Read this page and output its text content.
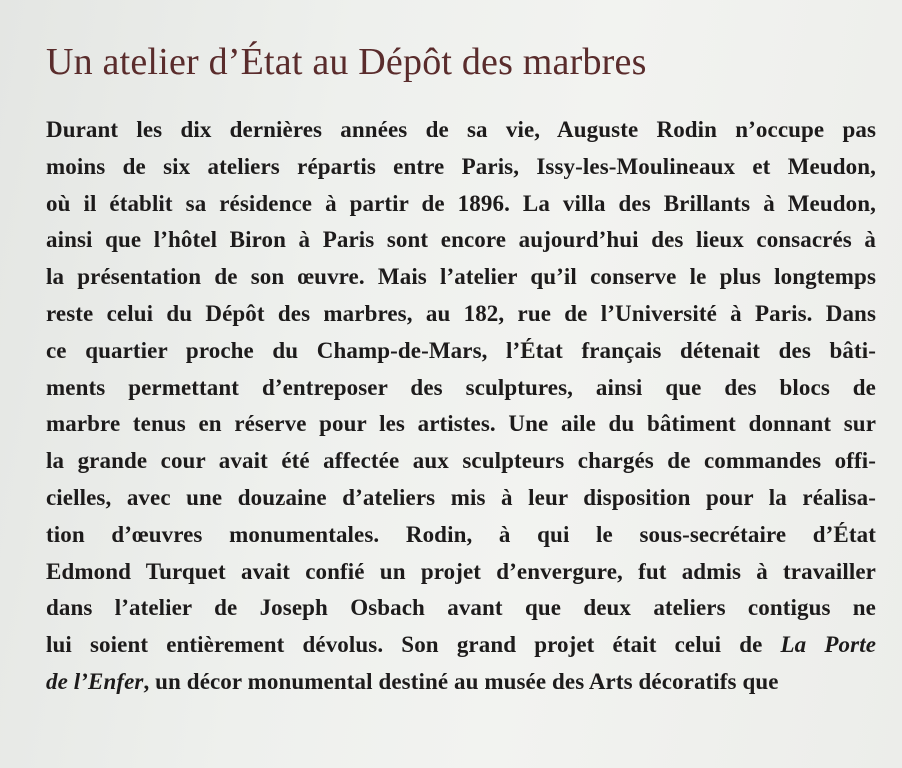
Un atelier d’État au Dépôt des marbres
Durant les dix dernières années de sa vie, Auguste Rodin n’occupe pas
moins de six ateliers répartis entre Paris, Issy-les-Moulineaux et Meudon,
où il établit sa résidence à partir de 1896. La villa des Brillants à Meudon,
ainsi que l’hôtel Biron à Paris sont encore aujourd’hui des lieux consacrés à
la présentation de son œuvre. Mais l’atelier qu’il conserve le plus longtemps
reste celui du Dépôt des marbres, au 182, rue de l’Université à Paris. Dans
ce quartier proche du Champ-de-Mars, l’État français détenait des bâti-
ments permettant d’entreposer des sculptures, ainsi que des blocs de
marbre tenus en réserve pour les artistes. Une aile du bâtiment donnant sur
la grande cour avait été affectée aux sculpteurs chargés de commandes offi-
cielles, avec une douzaine d’ateliers mis à leur disposition pour la réalisa-
tion d’œuvres monumentales. Rodin, à qui le sous-secrétaire d’État
Edmond Turquet avait confié un projet d’envergure, fut admis à travailler
dans l’atelier de Joseph Osbach avant que deux ateliers contigus ne
lui soient entièrement dévolus. Son grand projet était celui de La Porte
de l’Enfer, un décor monumental destiné au musée des Arts décoratifs que
